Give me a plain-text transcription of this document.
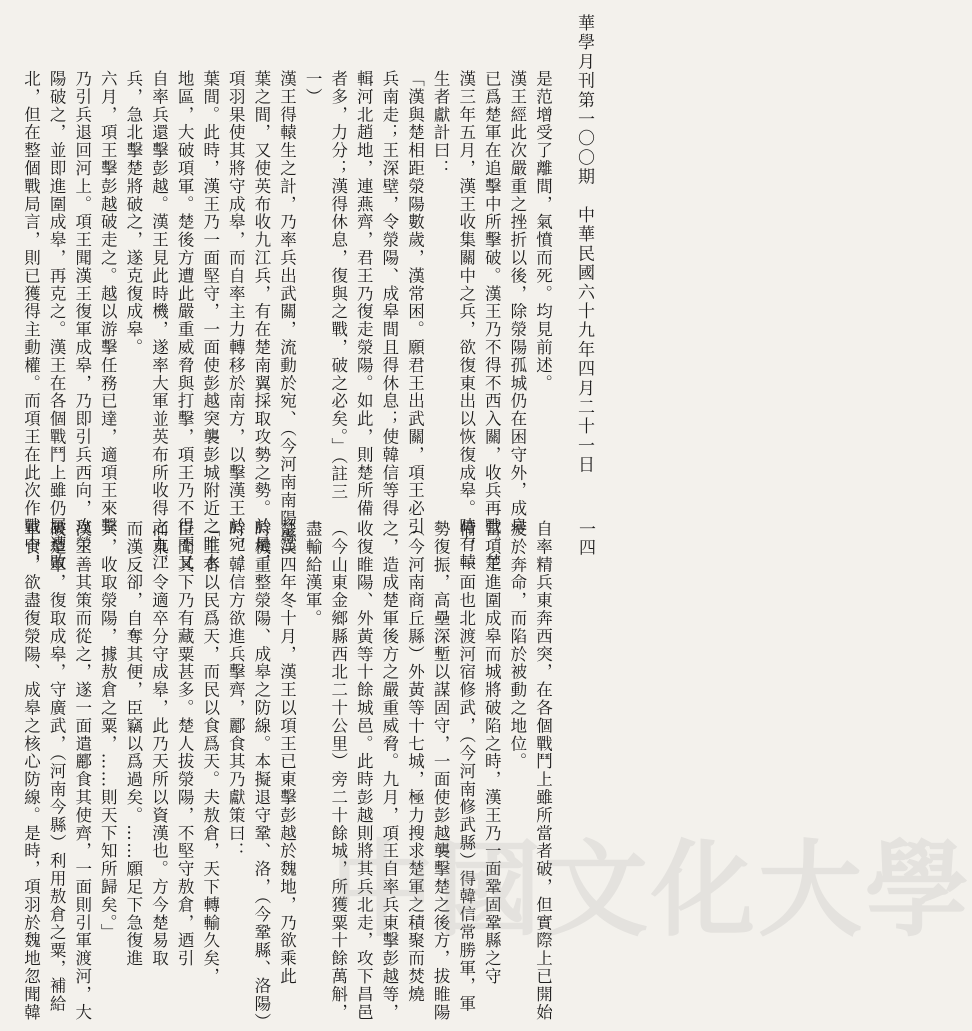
華學月刊第一〇〇期　中華民國六十九年四月二十一日
是范增受了離間，氣憤而死。均見前述。
漢王經此次嚴重之挫折以後，除滎陽孤城仍在困守外，成皋
已爲楚軍在追擊中所擊破。漢王乃不得不西入關，收兵再戰。楚
漢三年五月，漢王收集關中之兵，欲復東出以恢復成皋。時有轅
生者獻計曰：
「漢與楚相距滎陽數歲，漢常困。願君王出武關，項王必引
兵南走；王深壁，令滎陽、成皋間且得休息；使韓信等得
輯河北趙地，連燕齊，君王乃復走滎陽。如此，則楚所備
者多，力分；漢得休息，復與之戰，破之必矣。」（註三
一）
漢王得轅生之計，乃率兵出武關，流動於宛、（今河南南陽縣）
葉之間，又使英布收九江兵，有在楚南翼採取攻勢之勢。於是，
項羽果使其將守成皋，而自率主力轉移於南方，以擊漢王於宛、
葉間。此時，漢王乃一面堅守，一面使彭越突襲彭城附近之睢水
地區，大破項軍。楚後方遭此嚴重威脅與打擊，項王乃不得不又
自率兵還擊彭越。漢王見此時機，遂率大軍並英布所收得之九江
兵，急北擊楚將破之，遂克復成皋。
六月，項王擊彭越破走之。越以游擊任務已達，適項王來擊
乃引兵退回河上。項王聞漢王復軍成皋，乃即引兵西向，攻滎
陽破之，並即進圍成皋，再克之。漢王在各個戰鬥上雖仍屢遭敗
北，但在整個戰局言，則已獲得主動權。而項王在此次作戰中，	一四
自率精兵東奔西突，在各個戰鬥上雖所當者破，但實際上已開始
疲於奔命，而陷於被動之地位。
當項王進圍成皋而城將破陷之時，漢王乃一面鞏固鞏縣之守
備，一面也北渡河宿修武，（今河南修武縣）得韓信常勝軍，軍
勢復振，高壘深塹以謀固守，一面使彭越襲擊楚之後方，拔睢陽
（今河南商丘縣）外黃等十七城，極力搜求楚軍之積聚而焚燒
之，造成楚軍後方之嚴重威脅。九月，項王自率兵東擊彭越等，
收復睢陽、外黃等十餘城邑。此時彭越則將其兵北走，攻下昌邑
（今山東金鄉縣西北二十公里）旁二十餘城，所獲粟十餘萬斛，
盡輸給漢軍。
楚漢四年冬十月，漢王以項王已東擊彭越於魏地，乃欲乘此
時機重整滎陽、成皋之防線。本擬退守鞏、洛，（今鞏縣、洛陽）
時，韓信方欲進兵擊齊，酈食其乃獻策曰：
「王者以民爲天，而民以食爲天。夫敖倉，天下轉輸久矣，
臣聞其下乃有藏粟甚多。楚人拔滎陽，不堅守敖倉，迺引
而東，令適卒分守成皋，此乃天所以資漢也。方今楚易取
而漢反卻，自奪其便，臣竊以爲過矣。……願足下急復進
兵，收取滎陽，據敖倉之粟，……則天下知所歸矣。」
漢王善其策而從之，遂一面遣酈食其使齊，一面則引軍渡河，大
破楚軍，復取成皋，守廣武，（河南今縣）利用敖倉之粟，補給
軍食，欲盡復滎陽、成皋之核心防線。是時，項羽於魏地忽聞韓	中國文化大學
